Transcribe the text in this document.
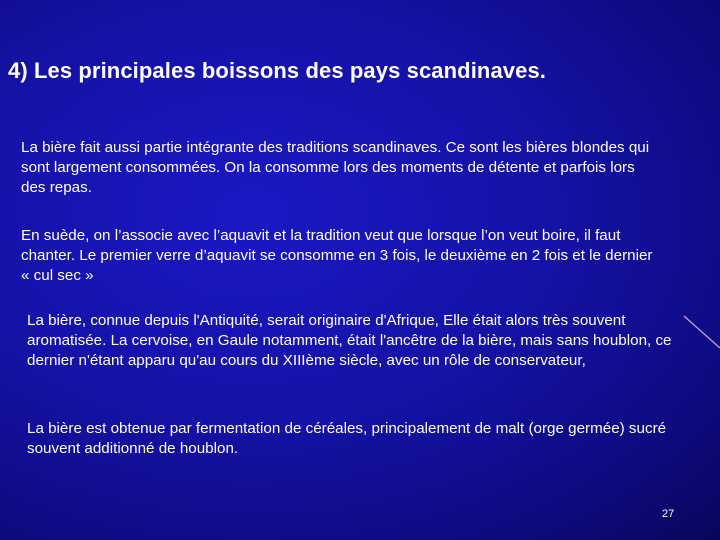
4) Les principales boissons des pays scandinaves.

La bière fait aussi partie intégrante des traditions scandinaves. Ce sont les bières blondes qui sont largement consommées. On la consomme lors des moments de détente et parfois lors des repas.

En suède, on l’associe avec l’aquavit et la tradition veut que lorsque l’on veut boire, il faut chanter. Le premier verre d’aquavit se consomme en 3 fois, le deuxième en 2 fois et le dernier « cul sec »

La bière, connue depuis l'Antiquité, serait originaire d'Afrique, Elle était alors très souvent aromatisée. La cervoise, en Gaule notamment, était l'ancêtre de la bière, mais sans houblon, ce dernier n'étant apparu qu'au cours du XIIIème siècle, avec un rôle de conservateur,

La bière est obtenue par fermentation de céréales, principalement de malt (orge germée) sucré souvent additionné de houblon.

27
